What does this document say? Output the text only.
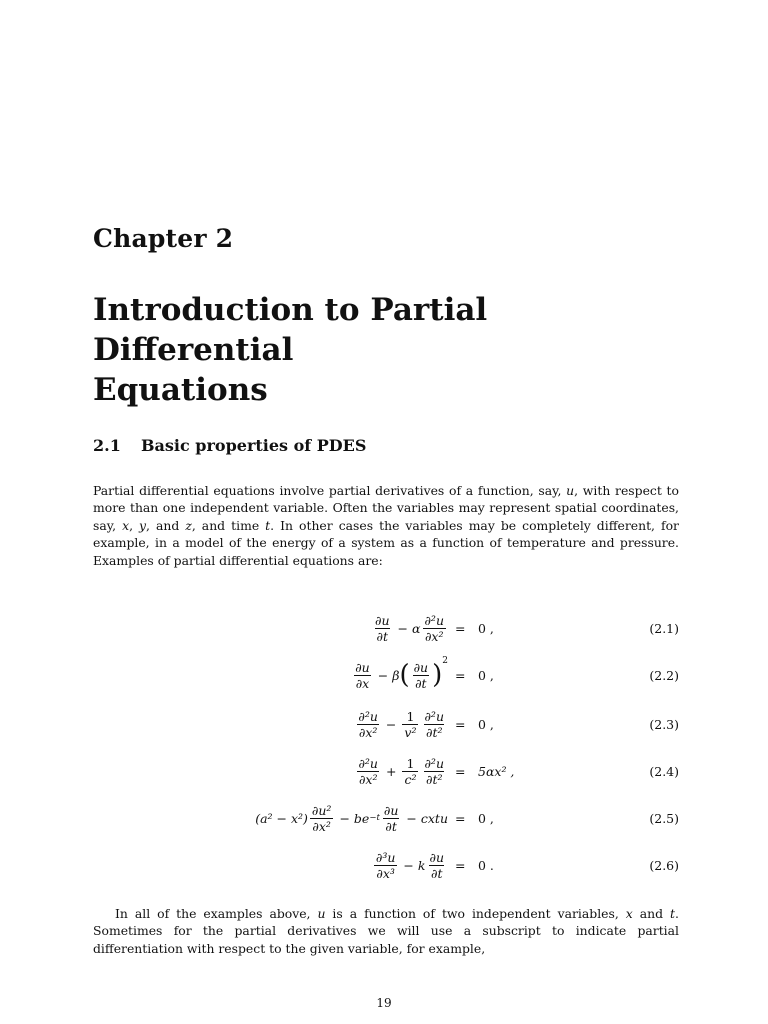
Chapter 2
Introduction to Partial Differential
Equations
2.1 Basic properties of PDES
Partial differential equations involve partial derivatives of a function, say, u, with respect to more than one independent variable. Often the variables may represent spatial coordinates, say, x, y, and z, and time t. In other cases the variables may be completely different, for example, in a model of the energy of a system as a function of temperature and pressure. Examples of partial differential equations are:
$\frac{\partial u}{\partial t} - \alpha \frac{\text{∂²u}}{\text{∂x²}} = 0$ ,	(2.1)
$\frac{\partial u}{\partial x} - \beta$ ( $\frac{\partial u}{\partial t}$ ) 2
= 0 ,	(2.2)
$\frac{\text{∂²u}}{\text{∂x²}} - \frac{1}{\text{v²}} \frac{\text{∂²u}}{\text{∂t²}} = 0$ ,	(2.3)
$\frac{\text{∂²u}}{\text{∂x²}} + \frac{1}{\text{c²}} \frac{\text{∂²u}}{\text{∂t²}} = 5\alpha x^2$ ,	(2.4)
$(a^2 - x^2) \frac{\text{∂u²}}{\text{∂x²}}$ − be $-t \frac{\partial u}{\partial t}$ − cxtu = 0 ,	(2.5)
$\frac{\text{∂³u}}{\text{∂x³}} - k \frac{\partial u}{\partial t} = 0$ .	(2.6)
In all of the examples above, u is a function of two independent variables, x and t. Sometimes for the partial derivatives we will use a subscript to indicate partial differentiation with respect to the given variable, for example,
19
